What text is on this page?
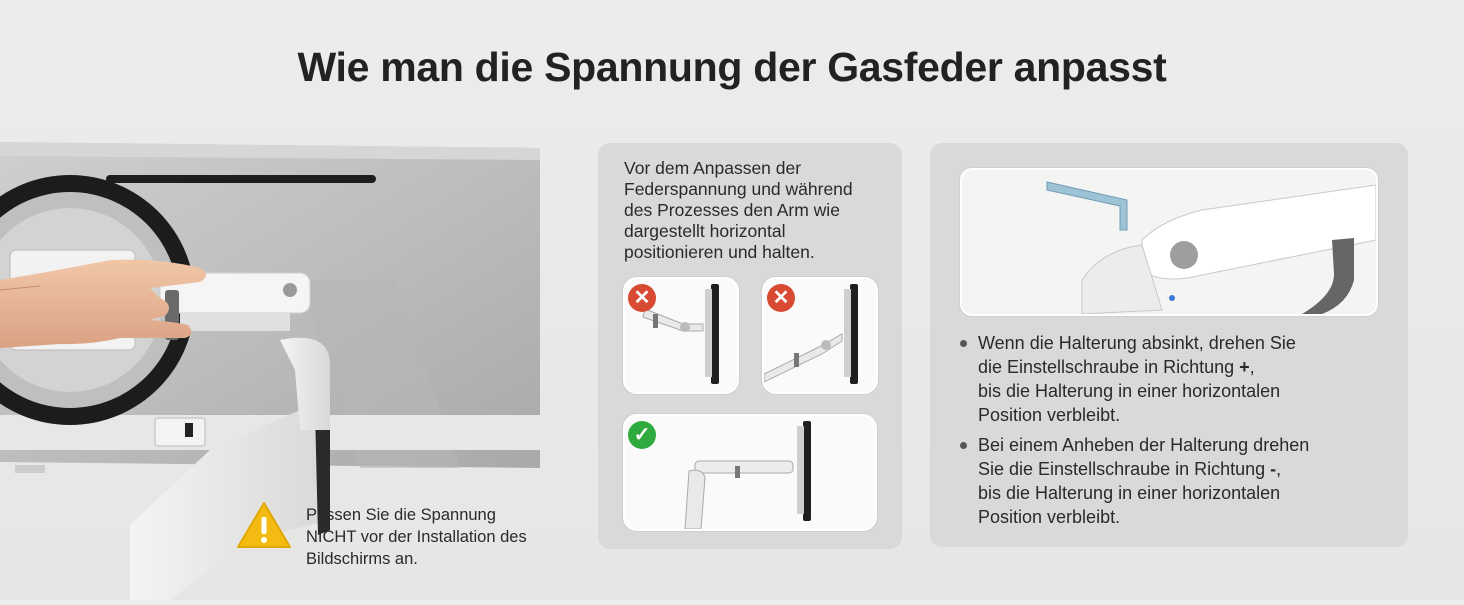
Wie man die Spannung der Gasfeder anpasst
Passen Sie die Spannung NICHT vor der Installation des Bildschirms an.
Vor dem Anpassen der
Federspannung und während
des Prozesses den Arm wie
dargestellt horizontal
positionieren und halten.
✕	✕
✓
Wenn die Halterung absinkt, drehen Sie
die Einstellschraube in Richtung +,
bis die Halterung in einer horizontalen
Position verbleibt.
Bei einem Anheben der Halterung drehen
Sie die Einstellschraube in Richtung -,
bis die Halterung in einer horizontalen
Position verbleibt.
